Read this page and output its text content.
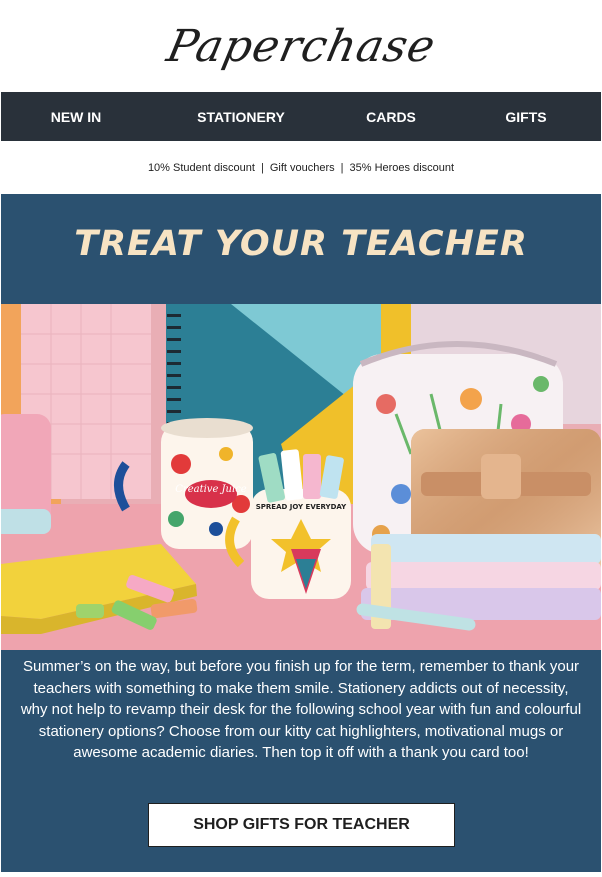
Paperchase
NEW IN	STATIONERY	CARDS	GIFTS
10% Student discount | Gift vouchers | 35% Heroes discount
TREAT YOUR TEACHER
Creative Juice
SPREAD JOY EVERYDAY

Summer’s on the way, but before you finish up for the term, remember to thank your teachers with something to make them smile. Stationery addicts out of necessity, why not help to revamp their desk for the following school year with fun and colourful stationery options? Choose from our kitty cat highlighters, motivational mugs or awesome academic diaries. Then top it off with a thank you card too!

SHOP GIFTS FOR TEACHER
